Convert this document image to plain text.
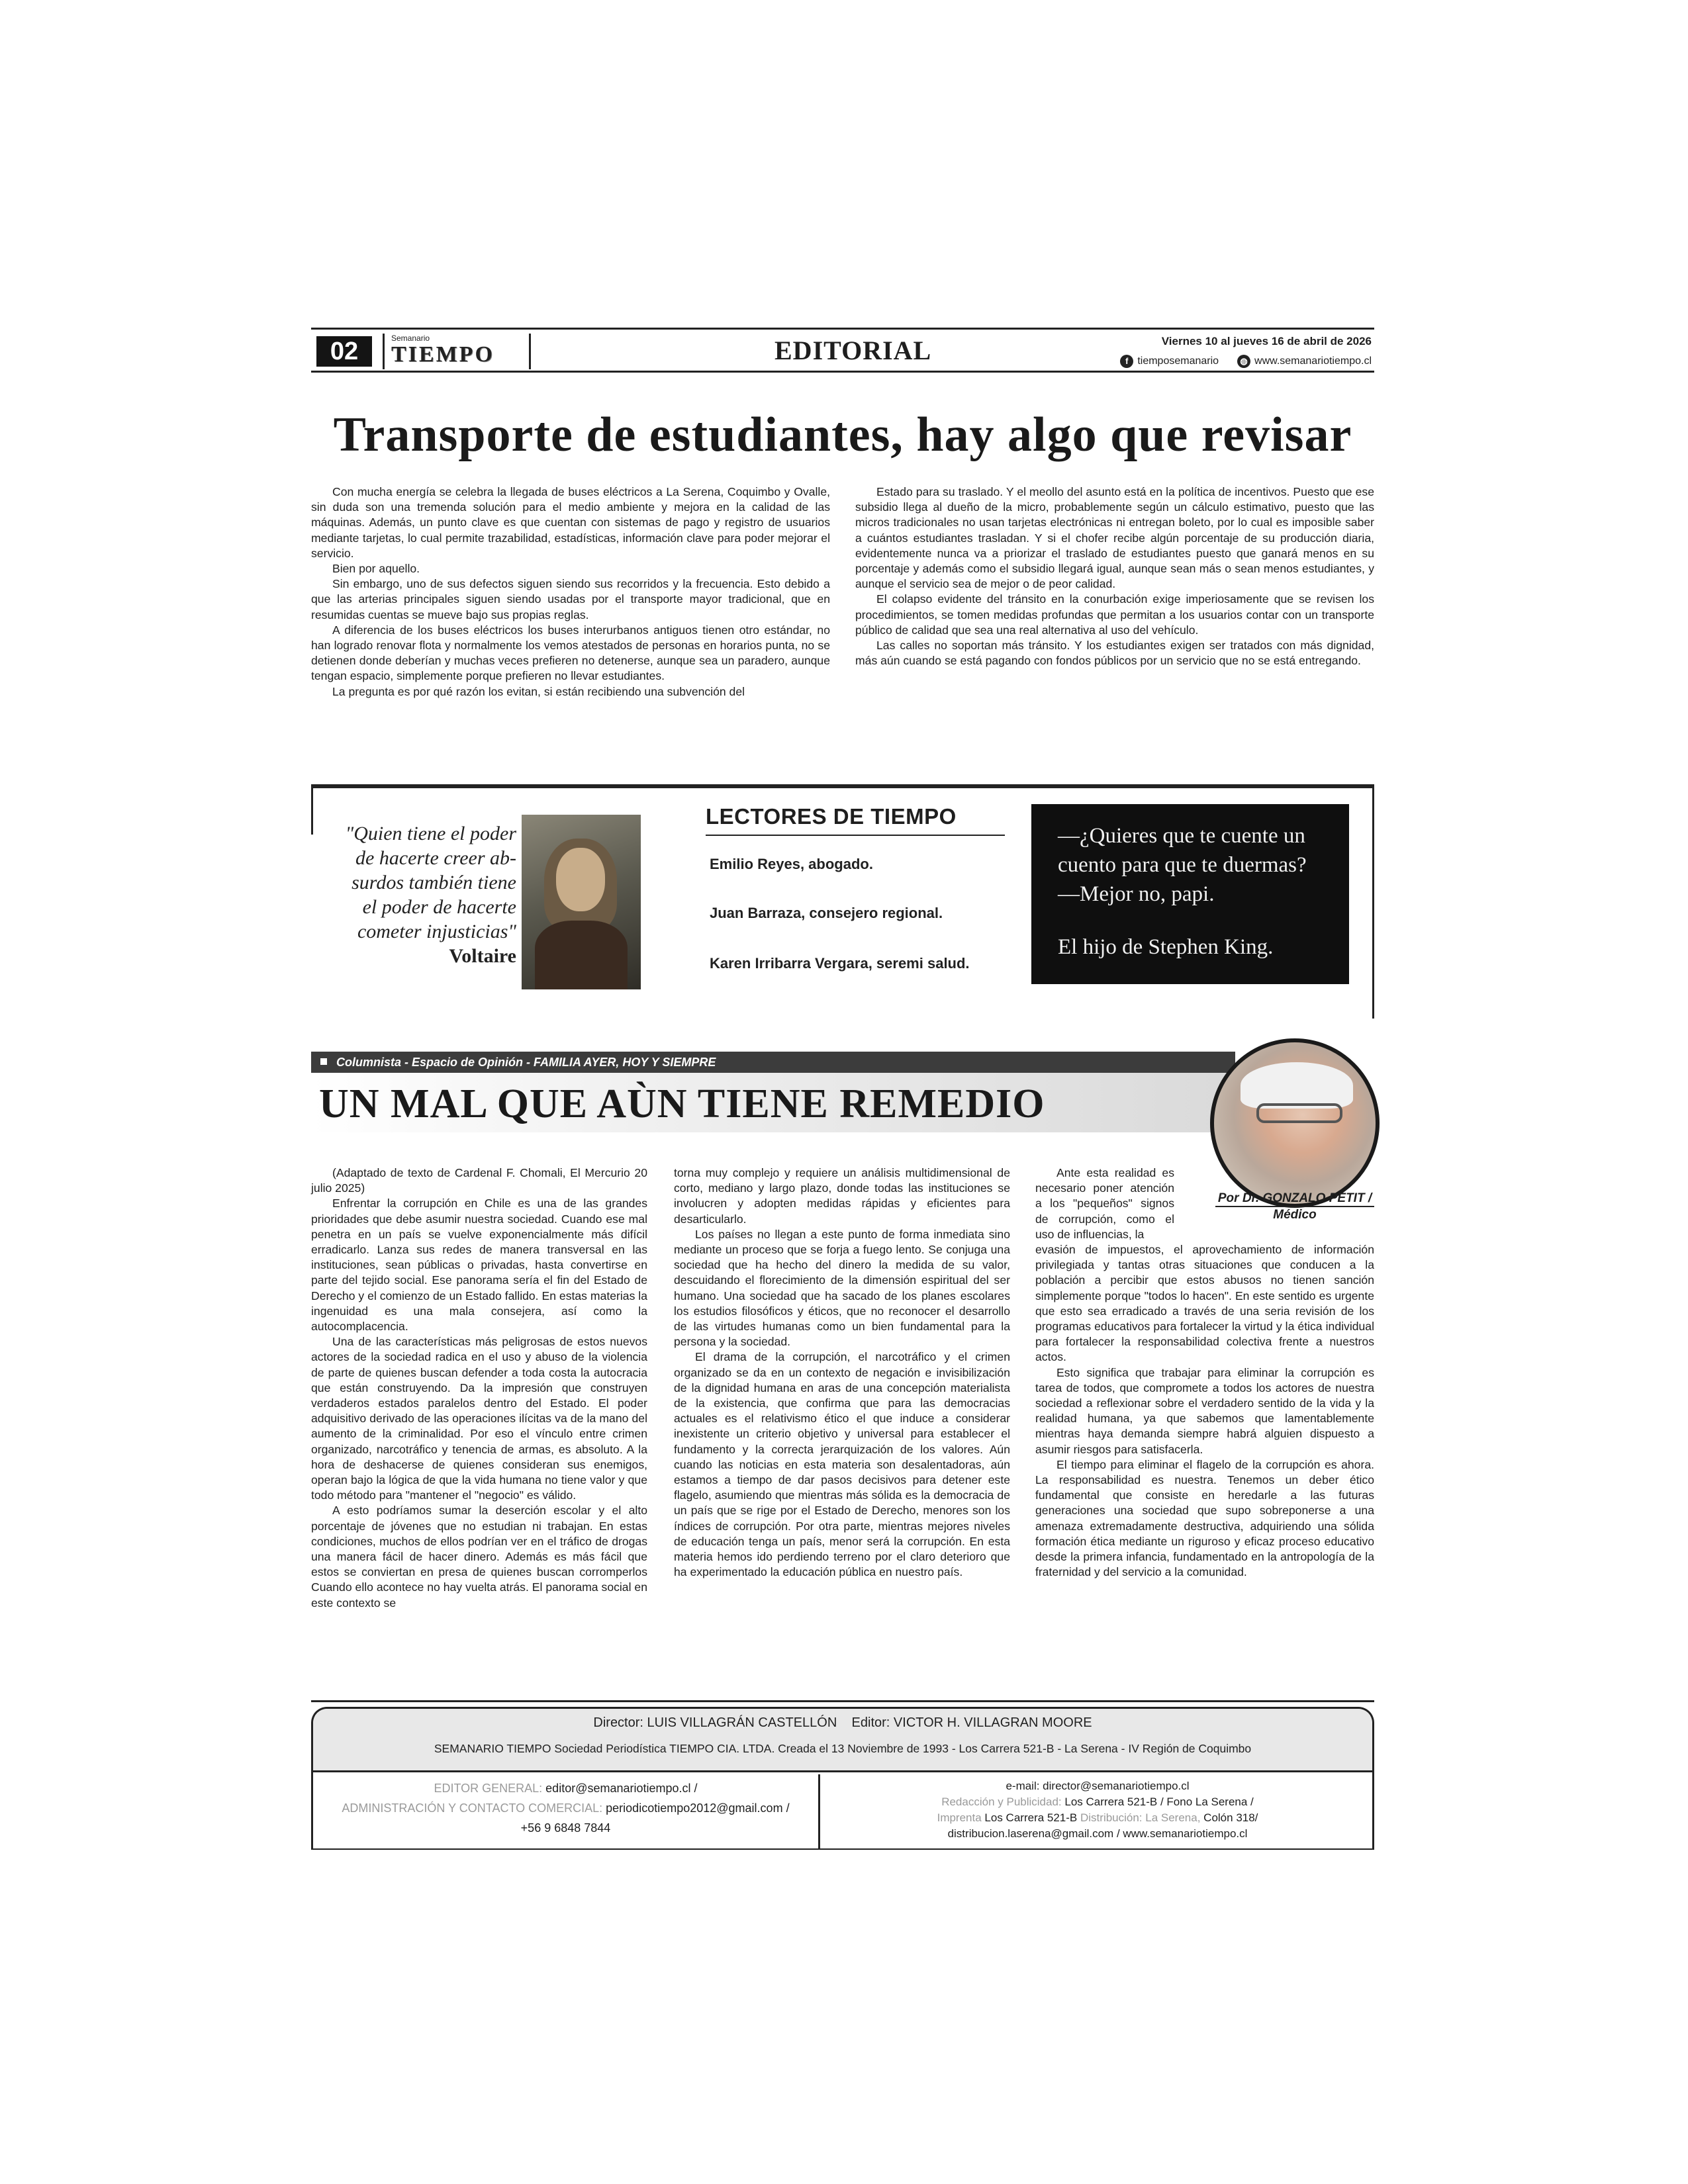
02	Semanario
TIEMPO	EDITORIAL	Viernes 10 al jueves 16 de abril de 2026
f tiemposemanario	◍ www.semanariotiempo.cl
Transporte de estudiantes, hay algo que revisar

Con mucha energía se celebra la llegada de buses eléctricos a La Serena, Coquimbo y Ovalle, sin duda son una tremenda solución para el medio ambiente y mejora en la calidad de las máquinas. Además, un punto clave es que cuentan con sistemas de pago y registro de usuarios mediante tarjetas, lo cual permite trazabilidad, estadísticas, información clave para poder mejorar el servicio.

Bien por aquello.

Sin embargo, uno de sus defectos siguen siendo sus recorridos y la frecuencia. Esto debido a que las arterias principales siguen siendo usadas por el transporte mayor tradicional, que en resumidas cuentas se mueve bajo sus propias reglas.

A diferencia de los buses eléctricos los buses interurbanos antiguos tienen otro estándar, no han logrado renovar flota y normalmente los vemos atestados de personas en horarios punta, no se detienen donde deberían y muchas veces prefieren no detenerse, aunque sea un paradero, aunque tengan espacio, simplemente porque prefieren no llevar estudiantes.

La pregunta es por qué razón los evitan, si están recibiendo una subvención del

Estado para su traslado. Y el meollo del asunto está en la política de incentivos. Puesto que ese subsidio llega al dueño de la micro, probablemente según un cálculo estimativo, puesto que las micros tradicionales no usan tarjetas electrónicas ni entregan boleto, por lo cual es imposible saber a cuántos estudiantes trasladan. Y si el chofer recibe algún porcentaje de su producción diaria, evidentemente nunca va a priorizar el traslado de estudiantes puesto que ganará menos en su porcentaje y además como el subsidio llegará igual, aunque sean más o sean menos estudiantes, y aunque el servicio sea de mejor o de peor calidad.

El colapso evidente del tránsito en la conurbación exige imperiosamente que se revisen los procedimientos, se tomen medidas profundas que permitan a los usuarios contar con un transporte público de calidad que sea una real alternativa al uso del vehículo.

Las calles no soportan más tránsito. Y los estudiantes exigen ser tratados con más dignidad, más aún cuando se está pagando con fondos públicos por un servicio que no se está entregando.

"Quien tiene el poder
de hacerte creer ab-
surdos también tiene
el poder de hacerte
cometer injusticias"
Voltaire
LECTORES DE TIEMPO
Emilio Reyes, abogado.
Juan Barraza, consejero regional.
Karen Irribarra Vergara, seremi salud.
—¿Quieres que te cuente un cuento para que te duermas?
—Mejor no, papi.
El hijo de Stephen King.
Columnista - Espacio de Opinión - FAMILIA AYER, HOY Y SIEMPRE
UN MAL QUE AÙN TIENE REMEDIO
Por Dr. GONZALO PETIT /
Médico

(Adaptado de texto de Cardenal F. Chomali, El Mercurio 20 julio 2025)

Enfrentar la corrupción en Chile es una de las grandes prioridades que debe asumir nuestra sociedad. Cuando ese mal penetra en un país se vuelve exponencialmente más difícil erradicarlo. Lanza sus redes de manera transversal en las instituciones, sean públicas o privadas, hasta convertirse en parte del tejido social. Ese panorama sería el fin del Estado de Derecho y el comienzo de un Estado fallido. En estas materias la ingenuidad es una mala consejera, así como la autocomplacencia.

Una de las características más peligrosas de estos nuevos actores de la sociedad radica en el uso y abuso de la violencia de parte de quienes buscan defender a toda costa la autocracia que están construyendo. Da la impresión que construyen verdaderos estados paralelos dentro del Estado. El poder adquisitivo derivado de las operaciones ilícitas va de la mano del aumento de la criminalidad. Por eso el vínculo entre crimen organizado, narcotráfico y tenencia de armas, es absoluto. A la hora de deshacerse de quienes consideran sus enemigos, operan bajo la lógica de que la vida humana no tiene valor y que todo método para "mantener el "negocio" es válido.

A esto podríamos sumar la deserción escolar y el alto porcentaje de jóvenes que no estudian ni trabajan. En estas condiciones, muchos de ellos podrían ver en el tráfico de drogas una manera fácil de hacer dinero. Además es más fácil que estos se conviertan en presa de quienes buscan corromperlos Cuando ello acontece no hay vuelta atrás. El panorama social en este contexto se

torna muy complejo y requiere un análisis multidimensional de corto, mediano y largo plazo, donde todas las instituciones se involucren y adopten medidas rápidas y eficientes para desarticularlo.

Los países no llegan a este punto de forma inmediata sino mediante un proceso que se forja a fuego lento. Se conjuga una sociedad que ha hecho del dinero la medida de su valor, descuidando el florecimiento de la dimensión espiritual del ser humano. Una sociedad que ha sacado de los planes escolares los estudios filosóficos y éticos, que no reconocer el desarrollo de las virtudes humanas como un bien fundamental para la persona y la sociedad.

El drama de la corrupción, el narcotráfico y el crimen organizado se da en un contexto de negación e invisibilización de la dignidad humana en aras de una concepción materialista de la existencia, que confirma que para las democracias actuales es el relativismo ético el que induce a considerar inexistente un criterio objetivo y universal para establecer el fundamento y la correcta jerarquización de los valores. Aún cuando las noticias en esta materia son desalentadoras, aún estamos a tiempo de dar pasos decisivos para detener este flagelo, asumiendo que mientras más sólida es la democracia de un país que se rige por el Estado de Derecho, menores son los índices de corrupción. Por otra parte, mientras mejores niveles de educación tenga un país, menor será la corrupción. En esta materia hemos ido perdiendo terreno por el claro deterioro que ha experimentado la educación pública en nuestro país.

Ante esta realidad es necesario poner atención a los "pequeños" signos de corrupción, como el uso de influencias, la

evasión de impuestos, el aprovechamiento de información privilegiada y tantas otras situaciones que conducen a la población a percibir que estos abusos no tienen sanción simplemente porque "todos lo hacen". En este sentido es urgente que esto sea erradicado a través de una seria revisión de los programas educativos para fortalecer la virtud y la ética individual para fortalecer la responsabilidad colectiva frente a nuestros actos.

Esto significa que trabajar para eliminar la corrupción es tarea de todos, que compromete a todos los actores de nuestra sociedad a reflexionar sobre el verdadero sentido de la vida y la realidad humana, ya que sabemos que lamentablemente mientras haya demanda siempre habrá alguien dispuesto a asumir riesgos para satisfacerla.

El tiempo para eliminar el flagelo de la corrupción es ahora. La responsabilidad es nuestra. Tenemos un deber ético fundamental que consiste en heredarle a las futuras generaciones una sociedad que supo sobreponerse a una amenaza extremadamente destructiva, adquiriendo una sólida formación ética mediante un riguroso y eficaz proceso educativo desde la primera infancia, fundamentado en la antropología de la fraternidad y del servicio a la comunidad.

Director: LUIS VILLAGRÁN CASTELLÓN Editor: VICTOR H. VILLAGRAN MOORE
SEMANARIO TIEMPO Sociedad Periodística TIEMPO CIA. LTDA. Creada el 13 Noviembre de 1993 - Los Carrera 521-B - La Serena - IV Región de Coquimbo
EDITOR GENERAL: editor@semanariotiempo.cl /
ADMINISTRACIÓN Y CONTACTO COMERCIAL: periodicotiempo2012@gmail.com /
+56 9 6848 7844
e-mail: director@semanariotiempo.cl
Redacción y Publicidad: Los Carrera 521-B / Fono La Serena /
Imprenta Los Carrera 521-B Distribución: La Serena, Colón 318/
distribucion.laserena@gmail.com / www.semanariotiempo.cl
